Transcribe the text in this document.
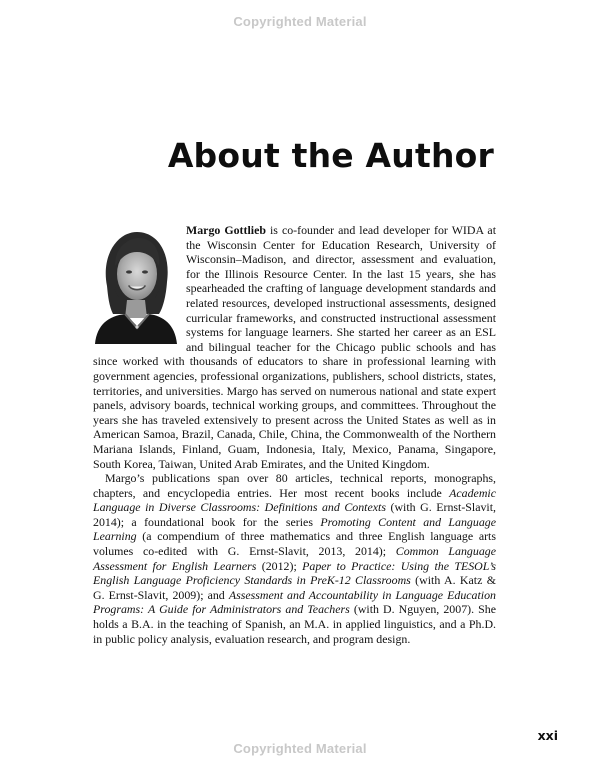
Copyrighted Material
About the Author

Margo Gottlieb is co-founder and lead developer for WIDA at the Wisconsin Center for Education Research, University of Wisconsin–Madison, and director, assessment and evaluation, for the Illinois Resource Center. In the last 15 years, she has spearheaded the crafting of language development standards and related resources, developed instructional assessments, designed curricular frameworks, and constructed instructional assessment systems for language learners. She started her career as an ESL and bilingual teacher for the Chicago public schools and has since worked with thousands of educators to share in professional learning with government agencies, professional organizations, publishers, school districts, states, territories, and universities. Margo has served on numerous national and state expert panels, advisory boards, technical working groups, and committees. Throughout the years she has traveled extensively to present across the United States as well as in American Samoa, Brazil, Canada, Chile, China, the Commonwealth of the Northern Mariana Islands, Finland, Guam, Indonesia, Italy, Mexico, Panama, Singapore, South Korea, Taiwan, United Arab Emirates, and the United Kingdom.

Margo’s publications span over 80 articles, technical reports, monographs, chapters, and encyclopedia entries. Her most recent books include Academic Language in Diverse Classrooms: Definitions and Contexts (with G. Ernst-Slavit, 2014); a foundational book for the series Promoting Content and Language Learning (a compendium of three mathematics and three English language arts volumes co-edited with G. Ernst-Slavit, 2013, 2014); Common Language Assessment for English Learners (2012); Paper to Practice: Using the TESOL’s English Language Proficiency Standards in PreK-12 Classrooms (with A. Katz & G. Ernst-Slavit, 2009); and Assessment and Accountability in Language Education Programs: A Guide for Administrators and Teachers (with D. Nguyen, 2007). She holds a B.A. in the teaching of Spanish, an M.A. in applied linguistics, and a Ph.D. in public policy analysis, evaluation research, and program design.

xxi
Copyrighted Material
